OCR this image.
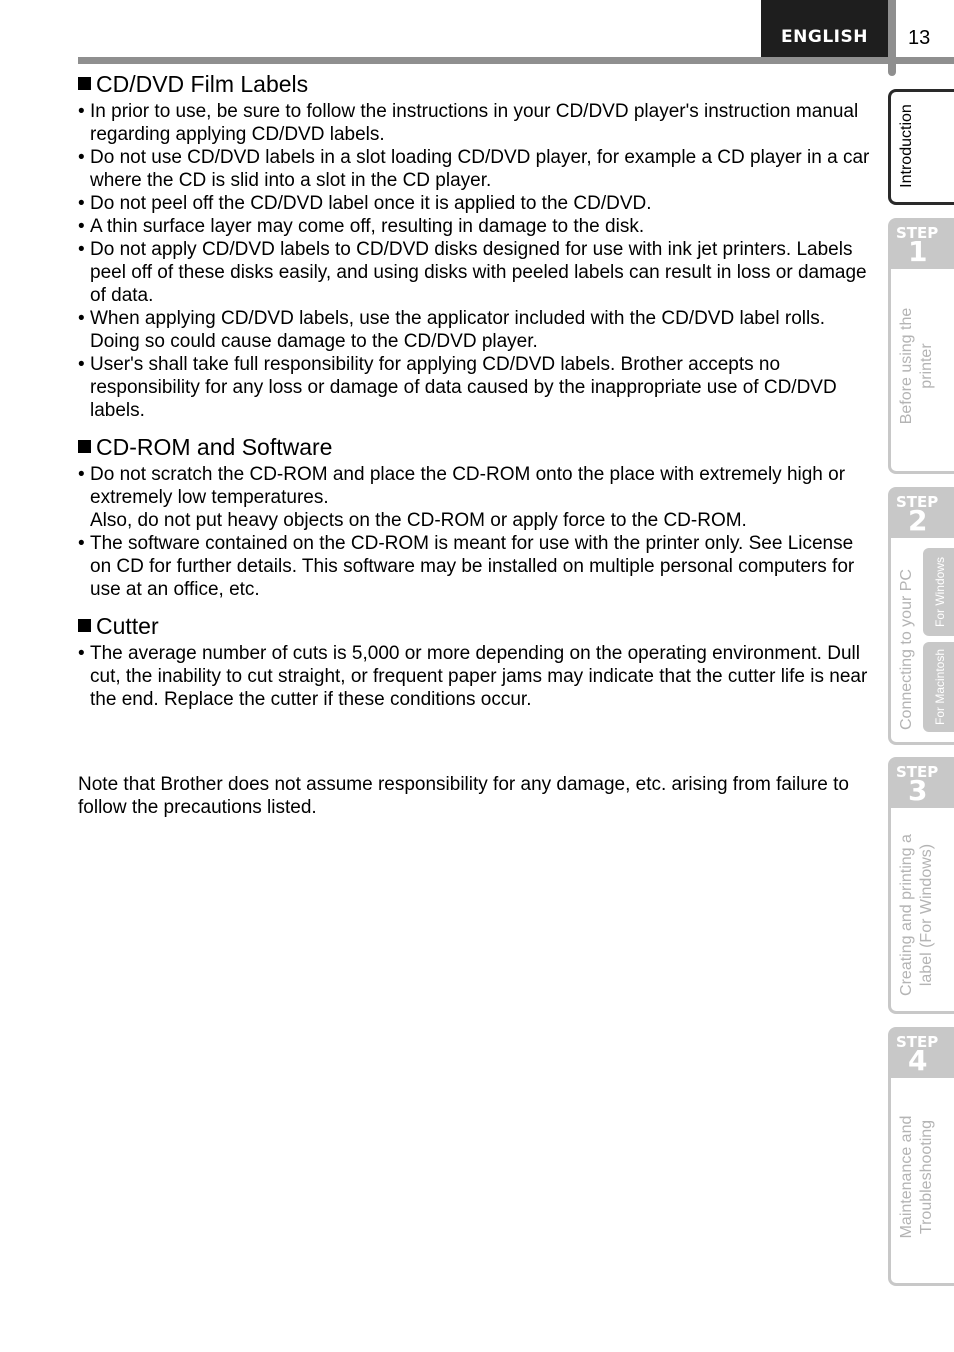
ENGLISH	13
CD/DVD Film Labels
• In prior to use, be sure to follow the instructions in your CD/DVD player's instruction manual regarding applying CD/DVD labels.
• Do not use CD/DVD labels in a slot loading CD/DVD player, for example a CD player in a car where the CD is slid into a slot in the CD player.
• Do not peel off the CD/DVD label once it is applied to the CD/DVD.
• A thin surface layer may come off, resulting in damage to the disk.
• Do not apply CD/DVD labels to CD/DVD disks designed for use with ink jet printers. Labels peel off of these disks easily, and using disks with peeled labels can result in loss or damage of data.
• When applying CD/DVD labels, use the applicator included with the CD/DVD label rolls. Doing so could cause damage to the CD/DVD player.
• User's shall take full responsibility for applying CD/DVD labels. Brother accepts no responsibility for any loss or damage of data caused by the inappropriate use of CD/DVD labels.
CD-ROM and Software
• Do not scratch the CD-ROM and place the CD-ROM onto the place with extremely high or extremely low temperatures.
Also, do not put heavy objects on the CD-ROM or apply force to the CD-ROM.
• The software contained on the CD-ROM is meant for use with the printer only. See License on CD for further details. This software may be installed on multiple personal computers for use at an office, etc.
Cutter
• The average number of cuts is 5,000 or more depending on the operating environment. Dull cut, the inability to cut straight, or frequent paper jams may indicate that the cutter life is near the end. Replace the cutter if these conditions occur.
Note that Brother does not assume responsibility for any damage, etc. arising from failure to follow the precautions listed.
Introduction
STEP
1
Before using the printer
STEP
2
Connecting to your PC For Windows
For Macintosh
STEP
3
Creating and printing a label (For Windows)
STEP
4
Maintenance and Troubleshooting
